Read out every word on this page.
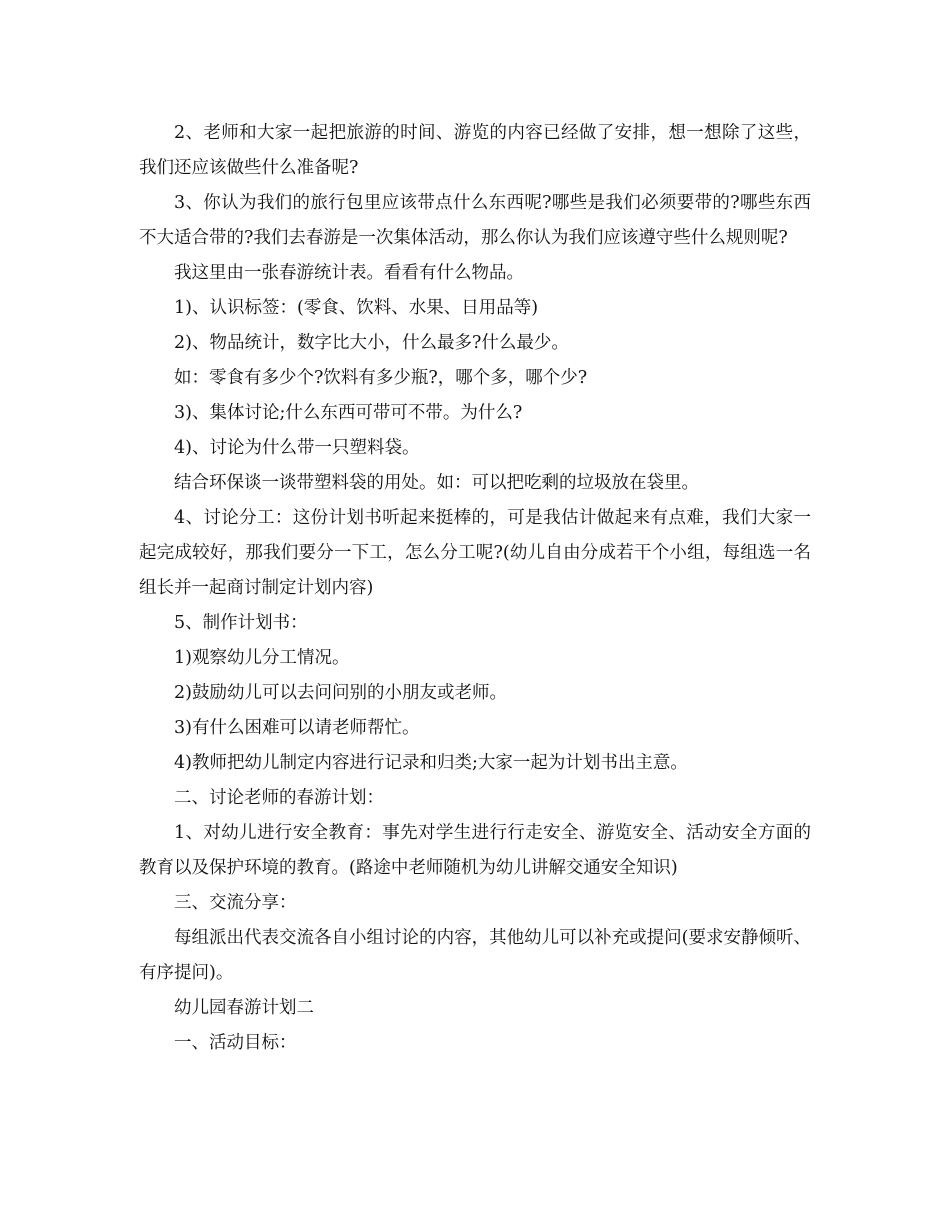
2、老师和大家一起把旅游的时间、游览的内容已经做了安排，想一想除了这些，我们还应该做些什么准备呢?

3、你认为我们的旅行包里应该带点什么东西呢?哪些是我们必须要带的?哪些东西不大适合带的?我们去春游是一次集体活动，那么你认为我们应该遵守些什么规则呢?

我这里由一张春游统计表。看看有什么物品。

1)、认识标签：(零食、饮料、水果、日用品等)

2)、物品统计，数字比大小，什么最多?什么最少。

如：零食有多少个?饮料有多少瓶?，哪个多，哪个少?

3)、集体讨论;什么东西可带可不带。为什么?

4)、讨论为什么带一只塑料袋。

结合环保谈一谈带塑料袋的用处。如：可以把吃剩的垃圾放在袋里。

4、讨论分工：这份计划书听起来挺棒的，可是我估计做起来有点难，我们大家一起完成较好，那我们要分一下工，怎么分工呢?(幼儿自由分成若干个小组，每组选一名组长并一起商讨制定计划内容)

5、制作计划书：

1)观察幼儿分工情况。

2)鼓励幼儿可以去问问别的小朋友或老师。

3)有什么困难可以请老师帮忙。

4)教师把幼儿制定内容进行记录和归类;大家一起为计划书出主意。

二、讨论老师的春游计划：

1、对幼儿进行安全教育：事先对学生进行行走安全、游览安全、活动安全方面的教育以及保护环境的教育。(路途中老师随机为幼儿讲解交通安全知识)

三、交流分享：

每组派出代表交流各自小组讨论的内容，其他幼儿可以补充或提问(要求安静倾听、有序提问)。

幼儿园春游计划二

一、活动目标：
